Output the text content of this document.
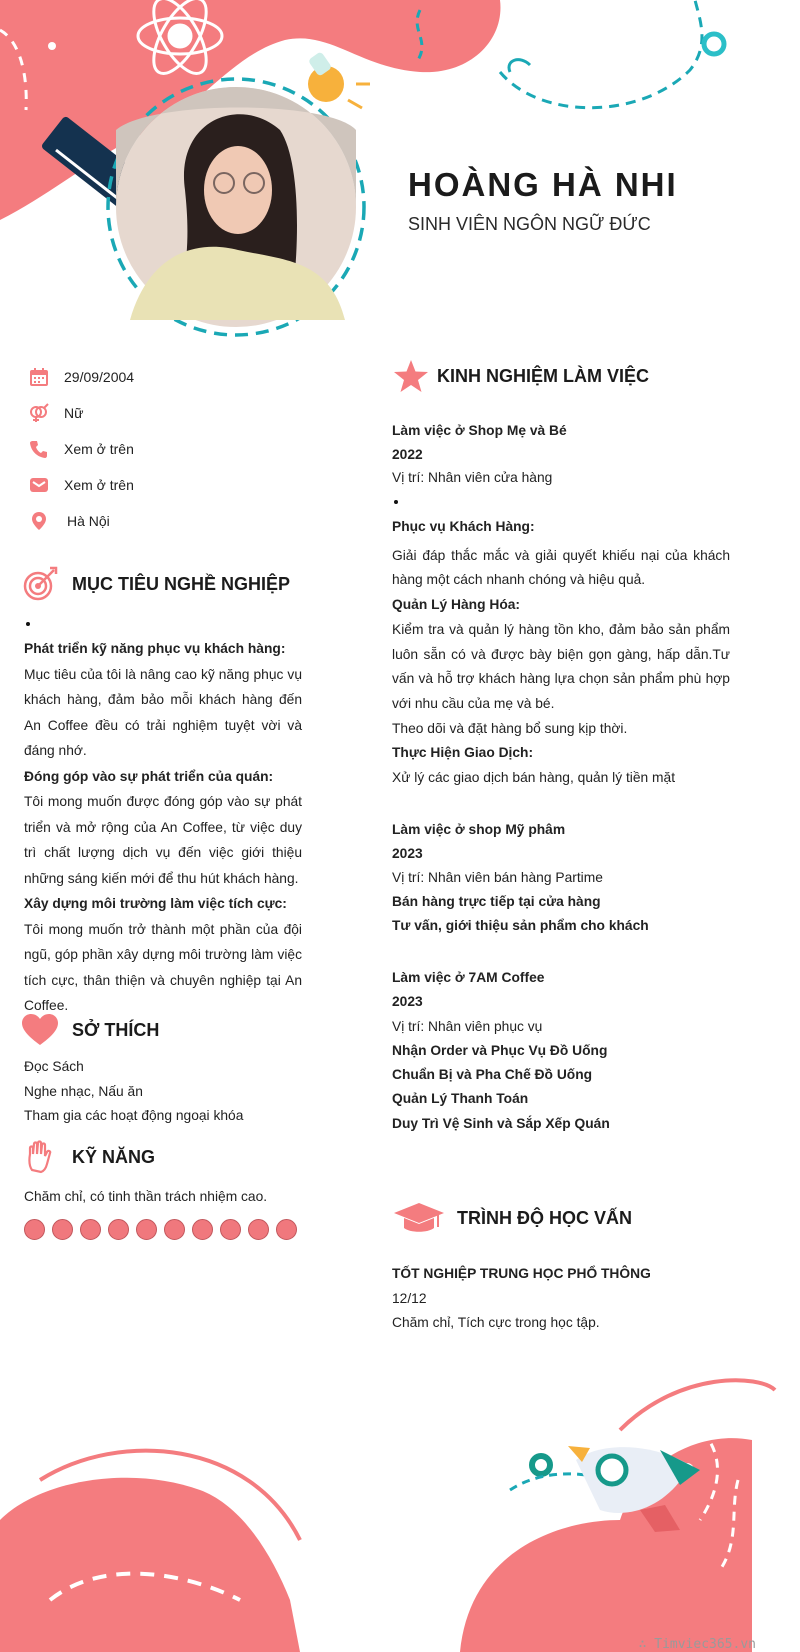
HOÀNG HÀ NHI
SINH VIÊN NGÔN NGỮ ĐỨC
29/09/2004
Nữ
Xem ở trên
Xem ở trên
Hà Nội
MỤC TIÊU NGHỀ NGHIỆP
Phát triển kỹ năng phục vụ khách hàng:
Mục tiêu của tôi là nâng cao kỹ năng phục vụ khách hàng, đảm bảo mỗi khách hàng đến An Coffee đều có trải nghiệm tuyệt vời và đáng nhớ.
Đóng góp vào sự phát triển của quán:
Tôi mong muốn được đóng góp vào sự phát triển và mở rộng của An Coffee, từ việc duy trì chất lượng dịch vụ đến việc giới thiệu những sáng kiến mới để thu hút khách hàng.
Xây dựng môi trường làm việc tích cực:
Tôi mong muốn trở thành một phần của đội ngũ, góp phần xây dựng môi trường làm việc tích cực, thân thiện và chuyên nghiệp tại An Coffee.
SỞ THÍCH
Đọc Sách
Nghe nhạc, Nấu ăn
Tham gia các hoạt động ngoại khóa
KỸ NĂNG
Chăm chỉ, có tinh thần trách nhiệm cao.
KINH NGHIỆM LÀM VIỆC
Làm việc ở Shop Mẹ và Bé
2022
Vị trí: Nhân viên cửa hàng
Phục vụ Khách Hàng:
Giải đáp thắc mắc và giải quyết khiếu nại của khách hàng một cách nhanh chóng và hiệu quả.
Quản Lý Hàng Hóa:
Kiểm tra và quản lý hàng tồn kho, đảm bảo sản phẩm luôn sẵn có và được bày biện gọn gàng, hấp dẫn.Tư vấn và hỗ trợ khách hàng lựa chọn sản phẩm phù hợp với nhu cầu của mẹ và bé.
Theo dõi và đặt hàng bổ sung kịp thời.
Thực Hiện Giao Dịch:
Xử lý các giao dịch bán hàng, quản lý tiền mặt
Làm việc ở shop Mỹ phâm
2023
Vị trí: Nhân viên bán hàng Partime
Bán hàng trực tiếp tại cửa hàng
Tư vấn, giới thiệu sản phẩm cho khách
Làm việc ở 7AM Coffee
2023
Vị trí: Nhân viên phục vụ
Nhận Order và Phục Vụ Đồ Uống
Chuẩn Bị và Pha Chế Đồ Uống
Quản Lý Thanh Toán
Duy Trì Vệ Sinh và Sắp Xếp Quán
TRÌNH ĐỘ HỌC VẤN
TỐT NGHIỆP TRUNG HỌC PHỔ THÔNG
12/12
Chăm chỉ, Tích cực trong học tập.
∴ Timviec365.vn
